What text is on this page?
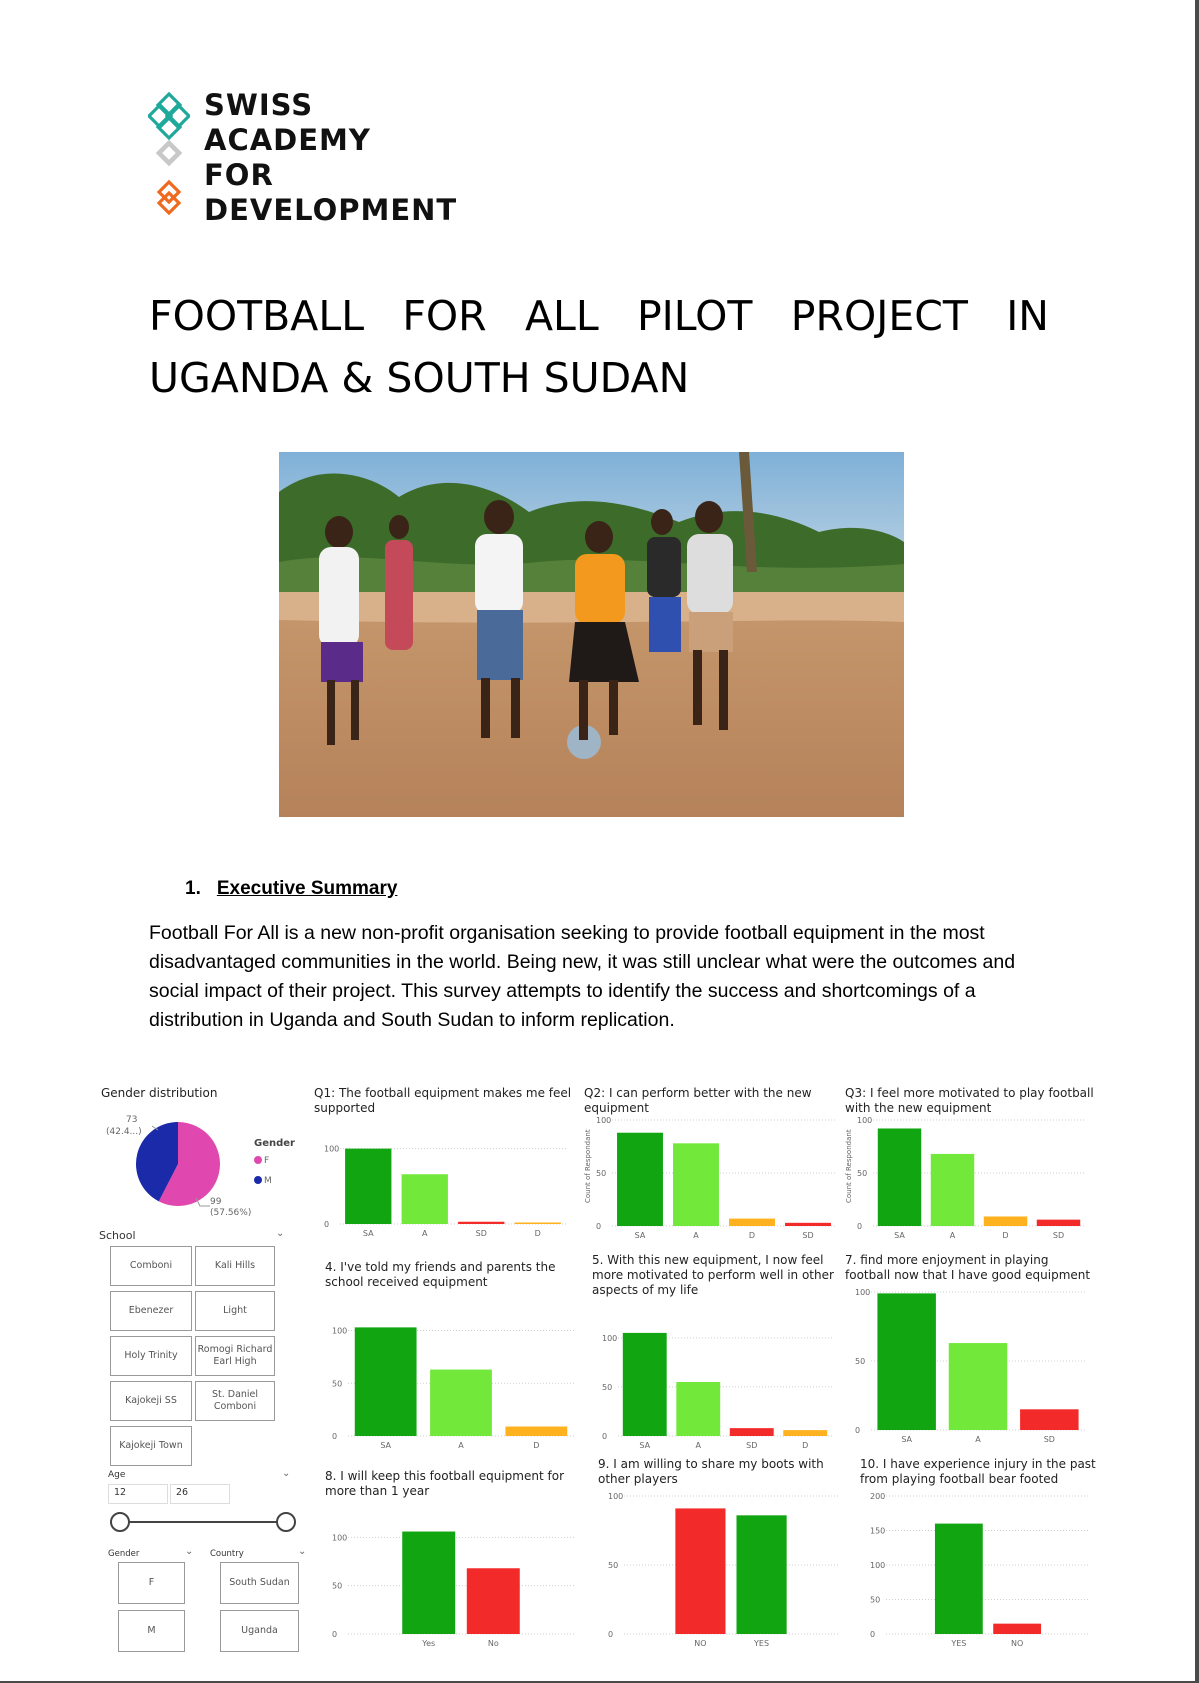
SWISS
ACADEMY
FOR
DEVELOPMENT
FOOTBALL FOR ALL PILOT PROJECT IN
UGANDA & SOUTH SUDAN
1. Executive Summary
Football For All is a new non-profit organisation seeking to provide football equipment in the most disadvantaged communities in the world. Being new, it was still unclear what were the outcomes and social impact of their project. This survey attempts to identify the success and shortcomings of a distribution in Uganda and South Sudan to inform replication.
Gender distribution
73
(42.4...)
99
(57.56%)
Gender
F
M
School	⌄
Comboni	Kali Hills
Ebenezer	Light
Holy Trinity
Romogi Richard Earl High
Kajokeji SS
St. Daniel Comboni
Kajokeji Town
Age	⌄
12	26
Gender	⌄ Country	⌄
F
M
South Sudan
Uganda
Q1: The football equipment makes me feel supported
0
100
SA	A	SD	D
Q2: I can perform better with the new equipment
Count of Respondant
0
50
100
SA	A	D	SD
Q3: I feel more motivated to play football with the new equipment
Count of Respondant
0
50
100
SA	A	D	SD
4. I've told my friends and parents the school received equipment
0
50
100
SA	A	D
5. With this new equipment, I now feel more motivated to perform well in other aspects of my life
0
50
100
SA	A	SD	D
7. find more enjoyment in playing football now that I have good equipment
0
50
100
SA	A	SD
8. I will keep this football equipment for more than 1 year
0
50
100
Yes	No
9. I am willing to share my boots with other players
0
50
100
NO	YES
10. I have experience injury in the past from playing football bear footed
0
50
100
150
200
YES	NO
